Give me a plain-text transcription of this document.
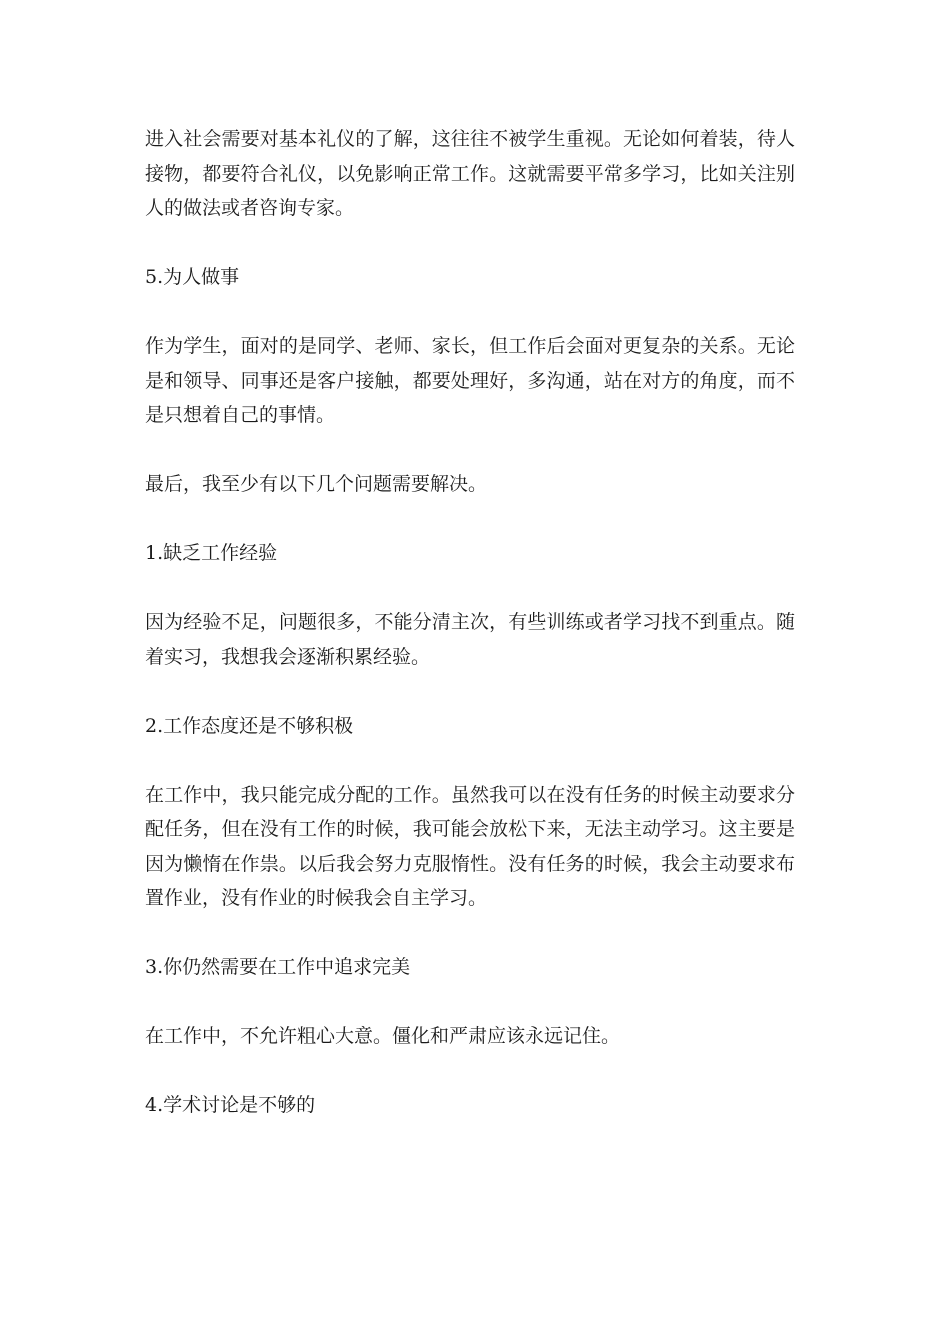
进入社会需要对基本礼仪的了解，这往往不被学生重视。无论如何着装，待人接物，都要符合礼仪，以免影响正常工作。这就需要平常多学习，比如关注别人的做法或者咨询专家。

5.为人做事

作为学生，面对的是同学、老师、家长，但工作后会面对更复杂的关系。无论是和领导、同事还是客户接触，都要处理好，多沟通，站在对方的角度，而不是只想着自己的事情。

最后，我至少有以下几个问题需要解决。

1.缺乏工作经验

因为经验不足，问题很多，不能分清主次，有些训练或者学习找不到重点。随着实习，我想我会逐渐积累经验。

2.工作态度还是不够积极

在工作中，我只能完成分配的工作。虽然我可以在没有任务的时候主动要求分配任务，但在没有工作的时候，我可能会放松下来，无法主动学习。这主要是因为懒惰在作祟。以后我会努力克服惰性。没有任务的时候，我会主动要求布置作业，没有作业的时候我会自主学习。

3.你仍然需要在工作中追求完美

在工作中，不允许粗心大意。僵化和严肃应该永远记住。

4.学术讨论是不够的
